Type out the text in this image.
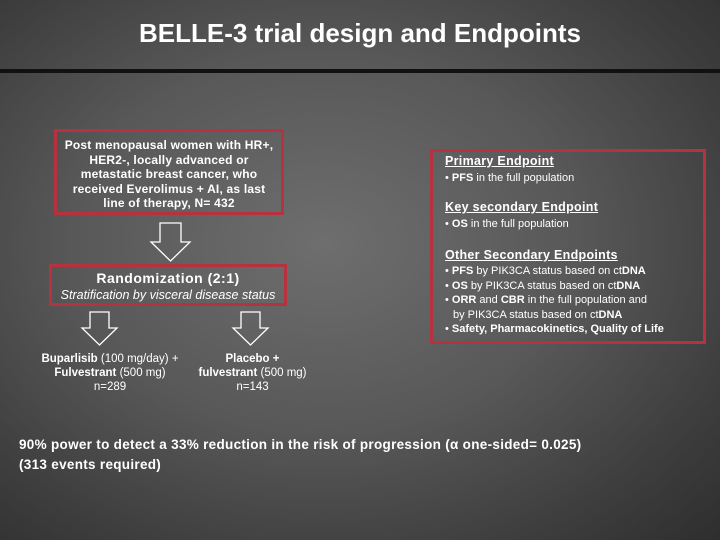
BELLE-3 trial design and Endpoints
Post menopausal women with HR+,
HER2-, locally advanced or
metastatic breast cancer, who
received Everolimus + AI, as last
line of therapy, N= 432
Randomization (2:1)
Stratification by visceral disease status
Buparlisib (100 mg/day) +
Fulvestrant (500 mg)
n=289
Placebo +
fulvestrant (500 mg)
n=143
Primary Endpoint
• PFS in the full population
Key secondary Endpoint
• OS in the full population
Other Secondary Endpoints
• PFS by PIK3CA status based on ctDNA
• OS by PIK3CA status based on ctDNA
• ORR and CBR in the full population and
by PIK3CA status based on ctDNA
• Safety, Pharmacokinetics, Quality of Life
90% power to detect a 33% reduction in the risk of progression (α one-sided= 0.025)
(313 events required)
